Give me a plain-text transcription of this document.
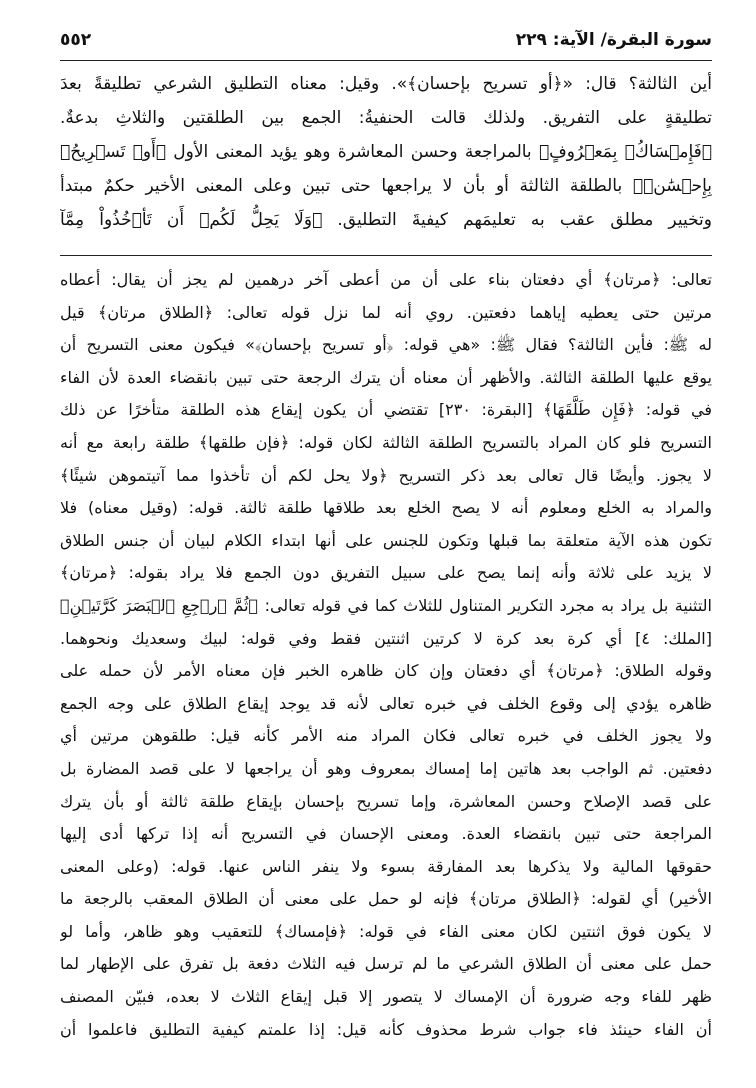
سورة البقرة/ الآية: ٢٢٩
٥٥٢
أين الثالثة؟ قال: «﴿أو تسريح بإحسان﴾». وقيل: معناه التطليق الشرعي تطليقةً بعدَ
تطليقةٍ على التفريق. ولذلك قالت الحنفيةُ: الجمع بين الطلقتين والثلاثِ بدعةٌ.
﴿فَإِمۡسَاكُۢ بِمَعۡرُوفٍ﴾ بالمراجعة وحسن المعاشرة وهو يؤيد المعنى الأول ﴿أَوۡ تَسۡرِيحُۢ
بِإِحۡسَٰنٖ﴾ بالطلقة الثالثة أو بأن لا يراجعها حتى تبين وعلى المعنى الأخير حكمٌ مبتدأ
وتخيير مطلق عقب به تعليمَهم كيفيةَ التطليق. ﴿وَلَا يَحِلُّ لَكُمۡ أَن تَأۡخُذُواْ مِمَّآ
تعالى: ﴿مرتان﴾ أي دفعتان بناء على أن من أعطى آخر درهمين لم يجز أن يقال: أعطاه
مرتين حتى يعطيه إياهما دفعتين. روي أنه لما نزل قوله تعالى: ﴿الطلاق مرتان﴾ قيل
له ﷺ: فأين الثالثة؟ فقال ﷺ: «هي قوله: ﴿أو تسريح بإحسان﴾» فيكون معنى التسريح أن
يوقع عليها الطلقة الثالثة. والأظهر أن معناه أن يترك الرجعة حتى تبين بانقضاء العدة لأن الفاء
في قوله: ﴿فَإِن طَلَّقَهَا﴾ [البقرة: ٢٣٠] تقتضي أن يكون إيقاع هذه الطلقة متأخرًا عن ذلك
التسريح فلو كان المراد بالتسريح الطلقة الثالثة لكان قوله: ﴿فإن طلقها﴾ طلقة رابعة مع أنه
لا يجوز. وأيضًا قال تعالى بعد ذكر التسريح ﴿ولا يحل لكم أن تأخذوا مما آتيتموهن شيئًا﴾
والمراد به الخلع ومعلوم أنه لا يصح الخلع بعد طلاقها طلقة ثالثة. قوله: (وقيل معناه) فلا
تكون هذه الآية متعلقة بما قبلها وتكون للجنس على أنها ابتداء الكلام لبيان أن جنس الطلاق
لا يزيد على ثلاثة وأنه إنما يصح على سبيل التفريق دون الجمع فلا يراد بقوله: ﴿مرتان﴾
التثنية بل يراد به مجرد التكرير المتناول للثلاث كما في قوله تعالى: ﴿ثُمَّ ٱرۡجِعِ ٱلۡبَصَرَ كَرَّتَيۡنِ﴾
[الملك: ٤] أي كرة بعد كرة لا كرتين اثنتين فقط وفي قوله: لبيك وسعديك ونحوهما.
وقوله الطلاق: ﴿مرتان﴾ أي دفعتان وإن كان ظاهره الخبر فإن معناه الأمر لأن حمله على
ظاهره يؤدي إلى وقوع الخلف في خبره تعالى لأنه قد يوجد إيقاع الطلاق على وجه الجمع
ولا يجوز الخلف في خبره تعالى فكان المراد منه الأمر كأنه قيل: طلقوهن مرتين أي
دفعتين. ثم الواجب بعد هاتين إما إمساك بمعروف وهو أن يراجعها لا على قصد المضارة بل
على قصد الإصلاح وحسن المعاشرة، وإما تسريح بإحسان بإيقاع طلقة ثالثة أو بأن يترك
المراجعة حتى تبين بانقضاء العدة. ومعنى الإحسان في التسريح أنه إذا تركها أدى إليها
حقوقها المالية ولا يذكرها بعد المفارقة بسوء ولا ينفر الناس عنها. قوله: (وعلى المعنى
الأخير) أي لقوله: ﴿الطلاق مرتان﴾ فإنه لو حمل على معنى أن الطلاق المعقب بالرجعة ما
لا يكون فوق اثنتين لكان معنى الفاء في قوله: ﴿فإمساك﴾ للتعقيب وهو ظاهر، وأما لو
حمل على معنى أن الطلاق الشرعي ما لم ترسل فيه الثلاث دفعة بل تفرق على الإطهار لما
ظهر للفاء وجه ضرورة أن الإمساك لا يتصور إلا قبل إيقاع الثلاث لا بعده، فبيّن المصنف
أن الفاء حينئذ فاء جواب شرط محذوف كأنه قيل: إذا علمتم كيفية التطليق فاعلموا أن
